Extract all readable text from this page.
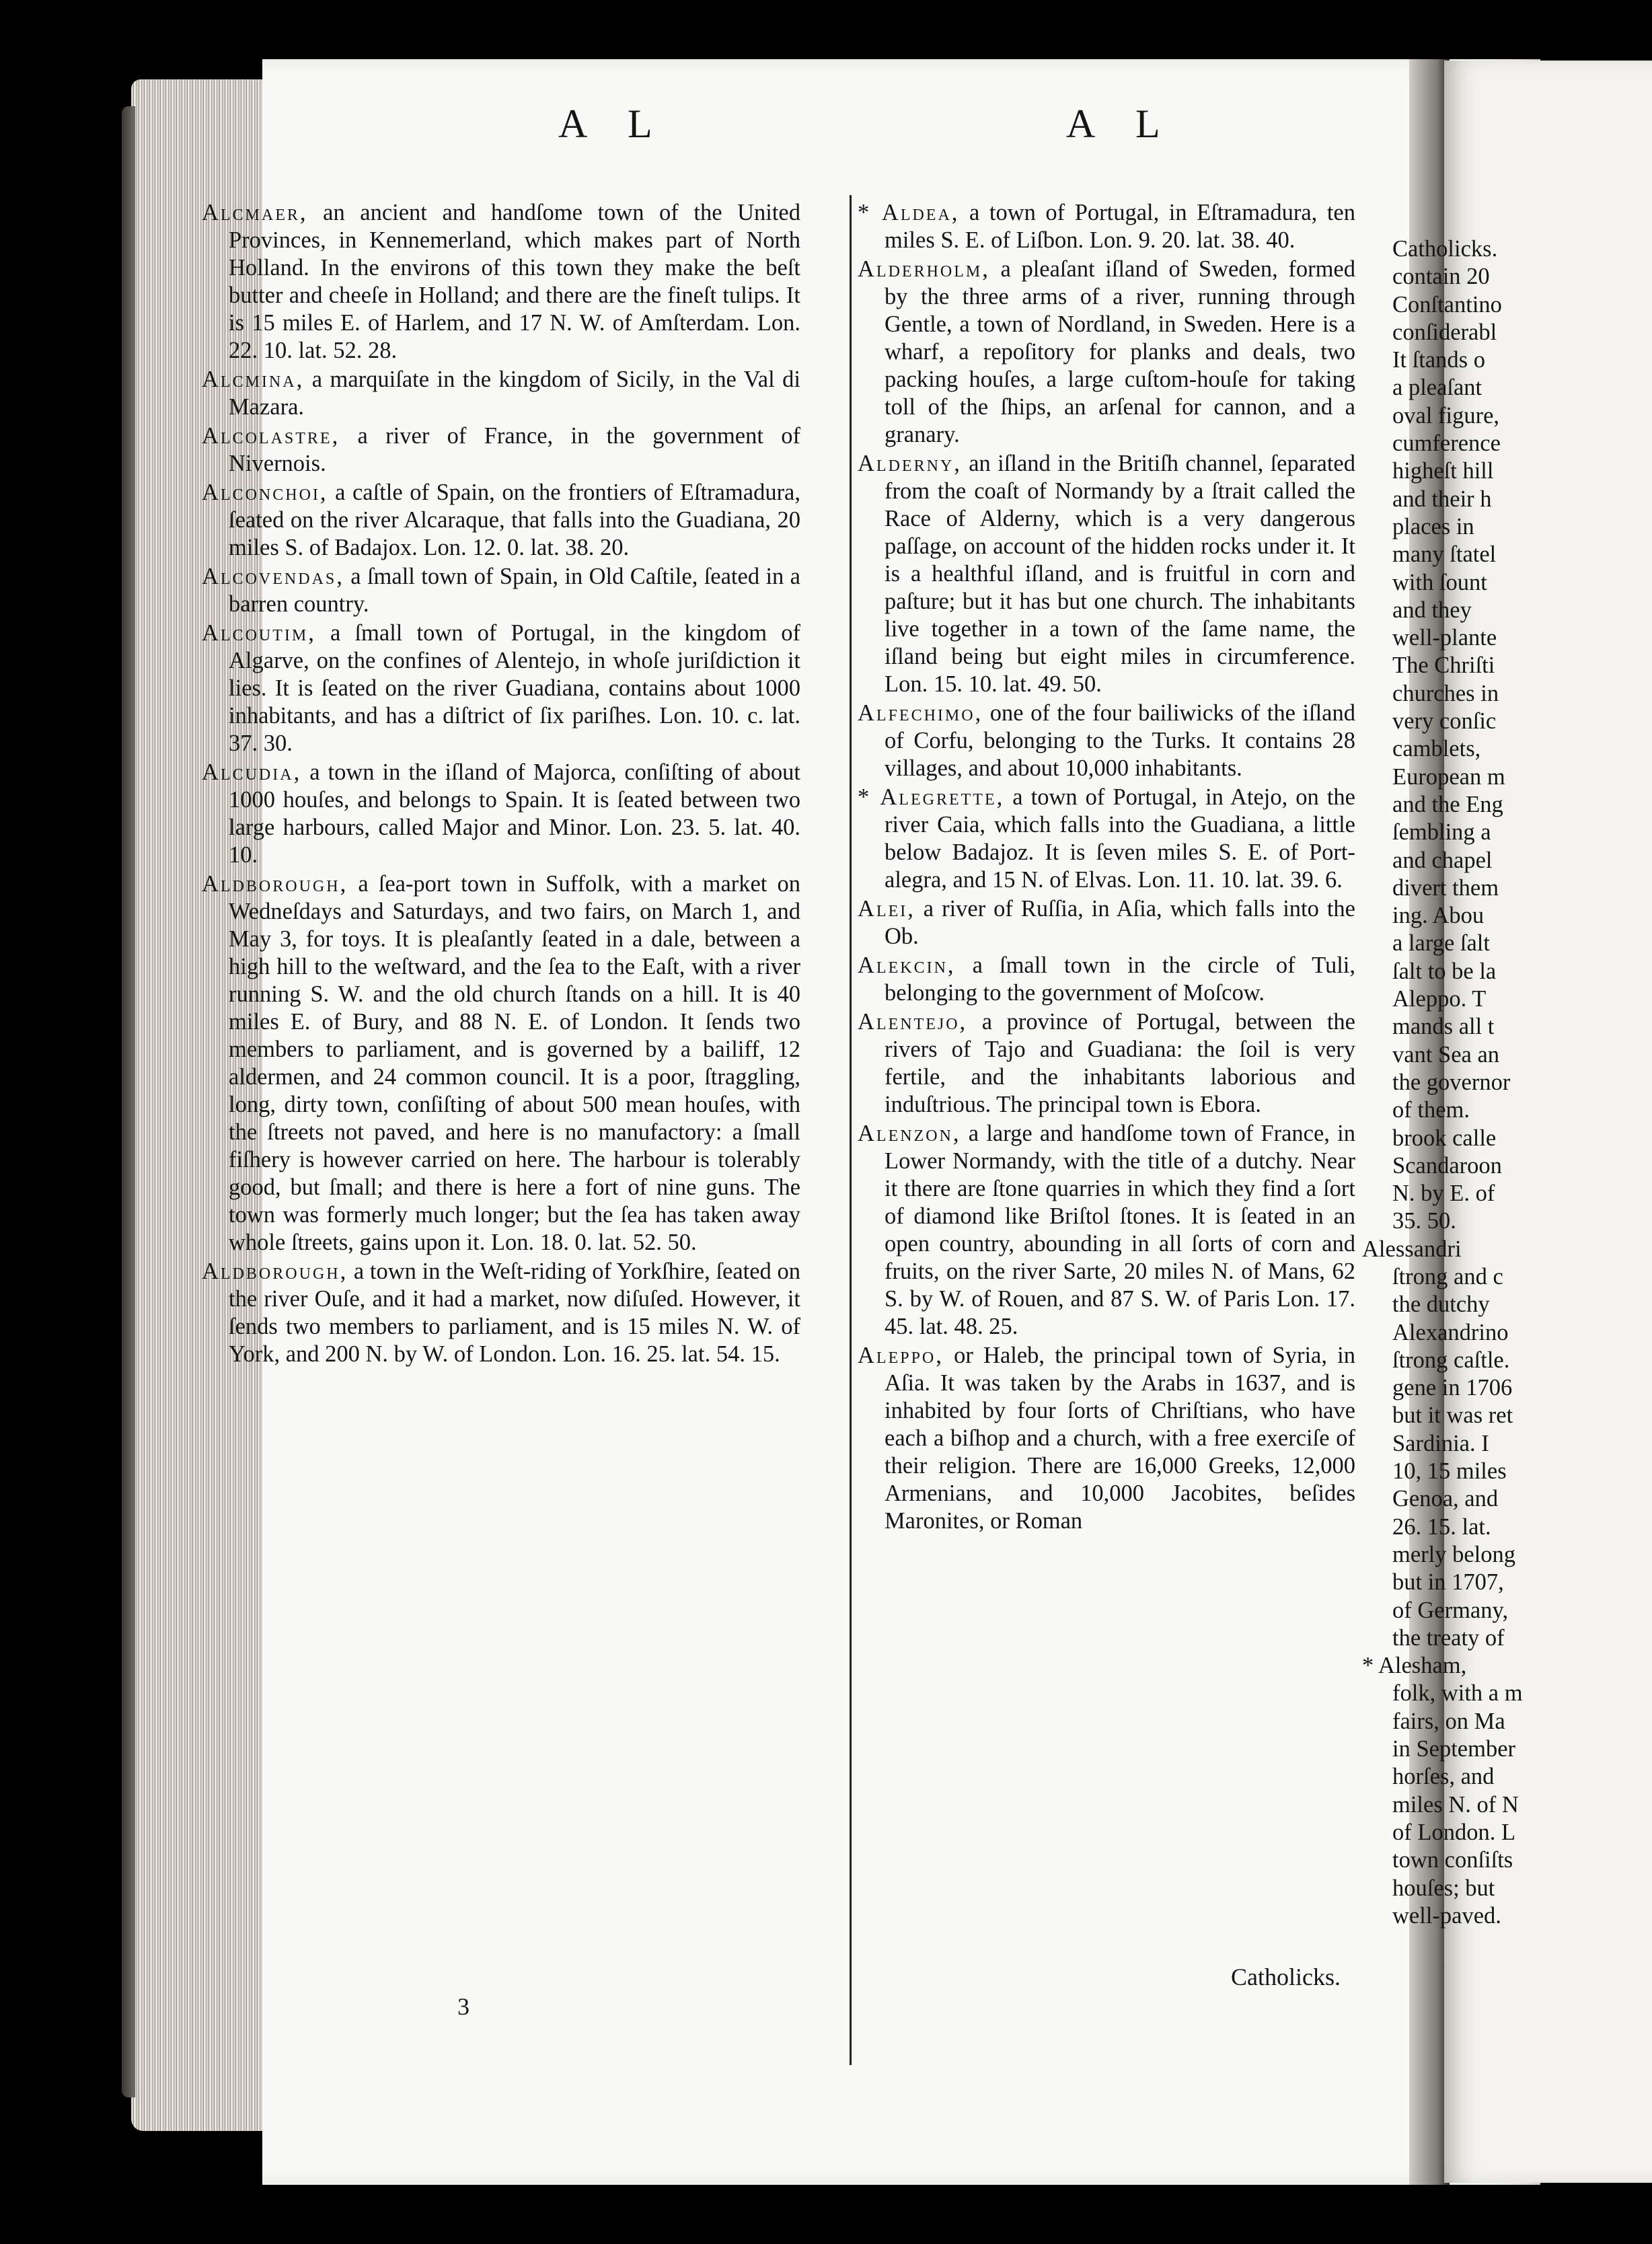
A L	A L
Alcmaer, an ancient and handſome town of the United Provinces, in Kennemerland, which makes part of North Holland. In the environs of this town they make the beſt butter and cheeſe in Holland; and there are the fineſt tulips. It is 15 miles E. of Harlem, and 17 N. W. of Amſterdam. Lon. 22. 10. lat. 52. 28.
Alcmina, a marquiſate in the kingdom of Sicily, in the Val di Mazara.
Alcolastre, a river of France, in the government of Nivernois.
Alconchoi, a caſtle of Spain, on the frontiers of Eſtramadura, ſeated on the river Alcaraque, that falls into the Guadiana, 20 miles S. of Badajox. Lon. 12. 0. lat. 38. 20.
Alcovendas, a ſmall town of Spain, in Old Caſtile, ſeated in a barren country.
Alcoutim, a ſmall town of Portugal, in the kingdom of Algarve, on the confines of Alentejo, in whoſe juriſdiction it lies. It is ſeated on the river Guadiana, contains about 1000 inhabitants, and has a diſtrict of ſix pariſhes. Lon. 10. c. lat. 37. 30.
Alcudia, a town in the iſland of Majorca, conſiſting of about 1000 houſes, and belongs to Spain. It is ſeated between two large harbours, called Major and Minor. Lon. 23. 5. lat. 40. 10.
Aldborough, a ſea-port town in Suffolk, with a market on Wedneſdays and Saturdays, and two fairs, on March 1, and May 3, for toys. It is pleaſantly ſeated in a dale, between a high hill to the weſtward, and the ſea to the Eaſt, with a river running S. W. and the old church ſtands on a hill. It is 40 miles E. of Bury, and 88 N. E. of London. It ſends two members to parliament, and is governed by a bailiff, 12 aldermen, and 24 common council. It is a poor, ſtraggling, long, dirty town, conſiſting of about 500 mean houſes, with the ſtreets not paved, and here is no manufactory: a ſmall fiſhery is however carried on here. The harbour is tolerably good, but ſmall; and there is here a fort of nine guns. The town was formerly much longer; but the ſea has taken away whole ſtreets, gains upon it. Lon. 18. 0. lat. 52. 50.
Aldborough, a town in the Weſt-riding of Yorkſhire, ſeated on the river Ouſe, and it had a market, now diſuſed. However, it ſends two members to parliament, and is 15 miles N. W. of York, and 200 N. by W. of London. Lon. 16. 25. lat. 54. 15.
* Aldea, a town of Portugal, in Eſtramadura, ten miles S. E. of Liſbon. Lon. 9. 20. lat. 38. 40.
Alderholm, a pleaſant iſland of Sweden, formed by the three arms of a river, running through Gentle, a town of Nordland, in Sweden. Here is a wharf, a repoſitory for planks and deals, two packing houſes, a large cuſtom-houſe for taking toll of the ſhips, an arſenal for cannon, and a granary.
Alderny, an iſland in the Britiſh channel, ſeparated from the coaſt of Normandy by a ſtrait called the Race of Alderny, which is a very dangerous paſſage, on account of the hidden rocks under it. It is a healthful iſland, and is fruitful in corn and paſture; but it has but one church. The inhabitants live together in a town of the ſame name, the iſland being but eight miles in circumference. Lon. 15. 10. lat. 49. 50.
Alfechimo, one of the four bailiwicks of the iſland of Corfu, belonging to the Turks. It contains 28 villages, and about 10,000 inhabitants.
* Alegrette, a town of Portugal, in Atejo, on the river Caia, which falls into the Guadiana, a little below Badajoz. It is ſeven miles S. E. of Port-alegra, and 15 N. of Elvas. Lon. 11. 10. lat. 39. 6.
Alei, a river of Ruſſia, in Aſia, which falls into the Ob.
Alekcin, a ſmall town in the circle of Tuli, belonging to the government of Moſcow.
Alentejo, a province of Portugal, between the rivers of Tajo and Guadiana: the ſoil is very fertile, and the inhabitants laborious and induſtrious. The principal town is Ebora.
Alenzon, a large and handſome town of France, in Lower Normandy, with the title of a dutchy. Near it there are ſtone quarries in which they find a ſort of diamond like Briſtol ſtones. It is ſeated in an open country, abounding in all ſorts of corn and fruits, on the river Sarte, 20 miles N. of Mans, 62 S. by W. of Rouen, and 87 S. W. of Paris Lon. 17. 45. lat. 48. 25.
Aleppo, or Haleb, the principal town of Syria, in Aſia. It was taken by the Arabs in 1637, and is inhabited by four ſorts of Chriſtians, who have each a biſhop and a church, with a free exerciſe of their religion. There are 16,000 Greeks, 12,000 Armenians, and 10,000 Jacobites, beſides Maronites, or Roman
3
Catholicks.
Catholicks.
contain 20
Conſtantino
conſiderabl
It ſtands o
a pleaſant
oval figure,
cumference
higheſt hill
and their h
places in
many ſtatel
with ſount
and they
well-plante
The Chriſti
churches in
very conſic
camblets,
European m
and the Eng
ſembling a
and chapel
divert them
ing. Abou
a large ſalt
ſalt to be la
Aleppo. T
mands all t
vant Sea an
the governor
of them.
brook calle
Scandaroon
N. by E. of
35. 50.
Alessandri
ſtrong and c
the dutchy
Alexandrino
ſtrong caſtle.
gene in 1706
but it was ret
Sardinia. I
10, 15 miles
Genoa, and
26. 15. lat.
merly belong
but in 1707,
of Germany,
the treaty of
* Alesham,
folk, with a m
fairs, on Ma
in September
horſes, and
miles N. of N
of London. L
town conſiſts
houſes; but
well-paved.
